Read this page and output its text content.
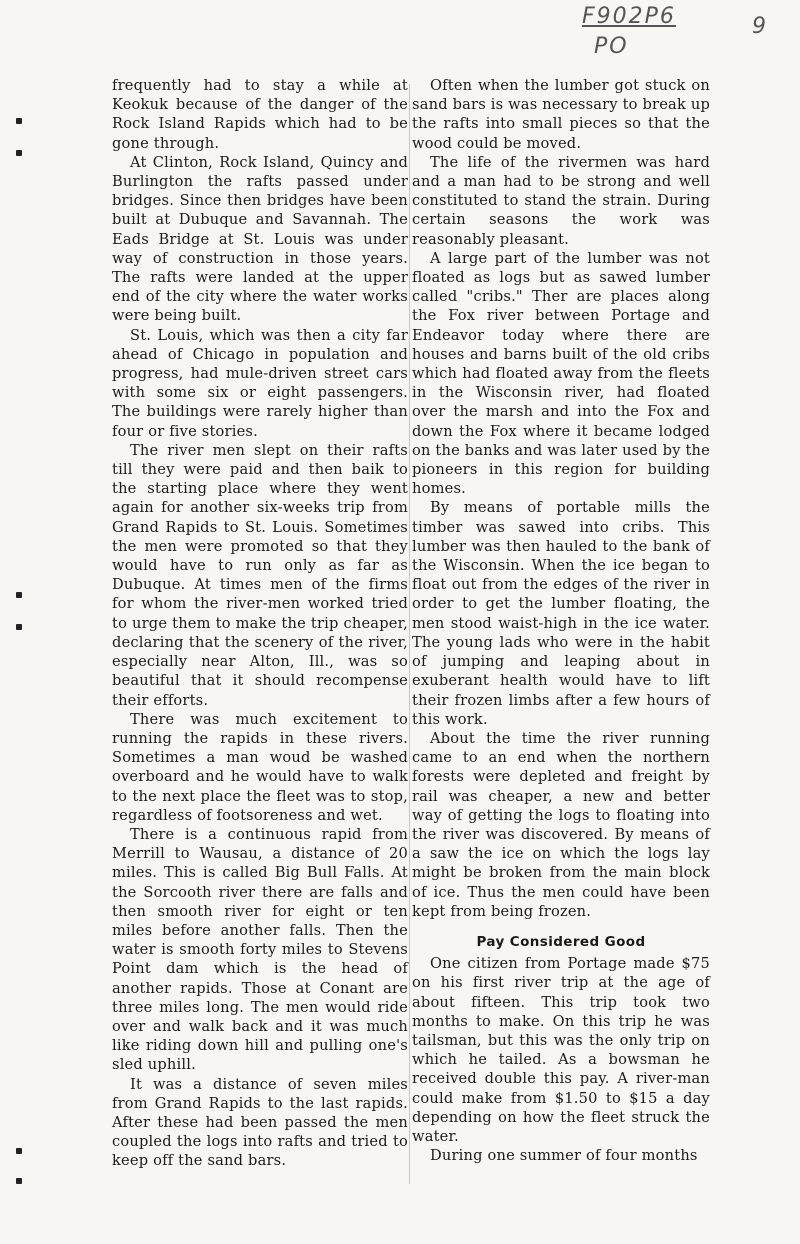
F902P6
PO
9

frequently had to stay a while at Keokuk because of the danger of the Rock Island Rapids which had to be gone through.

At Clinton, Rock Island, Quincy and Burlington the rafts passed under bridges. Since then bridges have been built at Dubuque and Savannah. The Eads Bridge at St. Louis was under way of construction in those years. The rafts were landed at the upper end of the city where the water works were being built.

St. Louis, which was then a city far ahead of Chicago in population and progress, had mule-driven street cars with some six or eight passengers. The buildings were rarely higher than four or five stories.

The river men slept on their rafts till they were paid and then baik to the starting place where they went again for another six-weeks trip from Grand Rapids to St. Louis. Sometimes the men were promoted so that they would have to run only as far as Dubuque. At times men of the firms for whom the river-men worked tried to urge them to make the trip cheaper, declaring that the scenery of the river, especially near Alton, Ill., was so beautiful that it should recompense their efforts.

There was much excitement to running the rapids in these rivers. Sometimes a man woud be washed overboard and he would have to walk to the next place the fleet was to stop, regardless of footsoreness and wet.

There is a continuous rapid from Merrill to Wausau, a distance of 20 miles. This is called Big Bull Falls. At the Sorcooth river there are falls and then smooth river for eight or ten miles before another falls. Then the water is smooth forty miles to Stevens Point dam which is the head of another rapids. Those at Conant are three miles long. The men would ride over and walk back and it was much like riding down hill and pulling one's sled uphill.

It was a distance of seven miles from Grand Rapids to the last rapids. After these had been passed the men coupled the logs into rafts and tried to keep off the sand bars.

Often when the lumber got stuck on sand bars is was necessary to break up the rafts into small pieces so that the wood could be moved.

The life of the rivermen was hard and a man had to be strong and well constituted to stand the strain. During certain seasons the work was reasonably pleasant.

A large part of the lumber was not floated as logs but as sawed lumber called "cribs." Ther are places along the Fox river between Portage and Endeavor today where there are houses and barns built of the old cribs which had floated away from the fleets in the Wisconsin river, had floated over the marsh and into the Fox and down the Fox where it became lodged on the banks and was later used by the pioneers in this region for building homes.

By means of portable mills the timber was sawed into cribs. This lumber was then hauled to the bank of the Wisconsin. When the ice began to float out from the edges of the river in order to get the lumber floating, the men stood waist-high in the ice water. The young lads who were in the habit of jumping and leaping about in exuberant health would have to lift their frozen limbs after a few hours of this work.

About the time the river running came to an end when the northern forests were depleted and freight by rail was cheaper, a new and better way of getting the logs to floating into the river was discovered. By means of a saw the ice on which the logs lay might be broken from the main block of ice. Thus the men could have been kept from being frozen.

Pay Considered Good

One citizen from Portage made $75 on his first river trip at the age of about fifteen. This trip took two months to make. On this trip he was tailsman, but this was the only trip on which he tailed. As a bowsman he received double this pay. A river-man could make from $1.50 to $15 a day depending on how the fleet struck the water.

During one summer of four months
